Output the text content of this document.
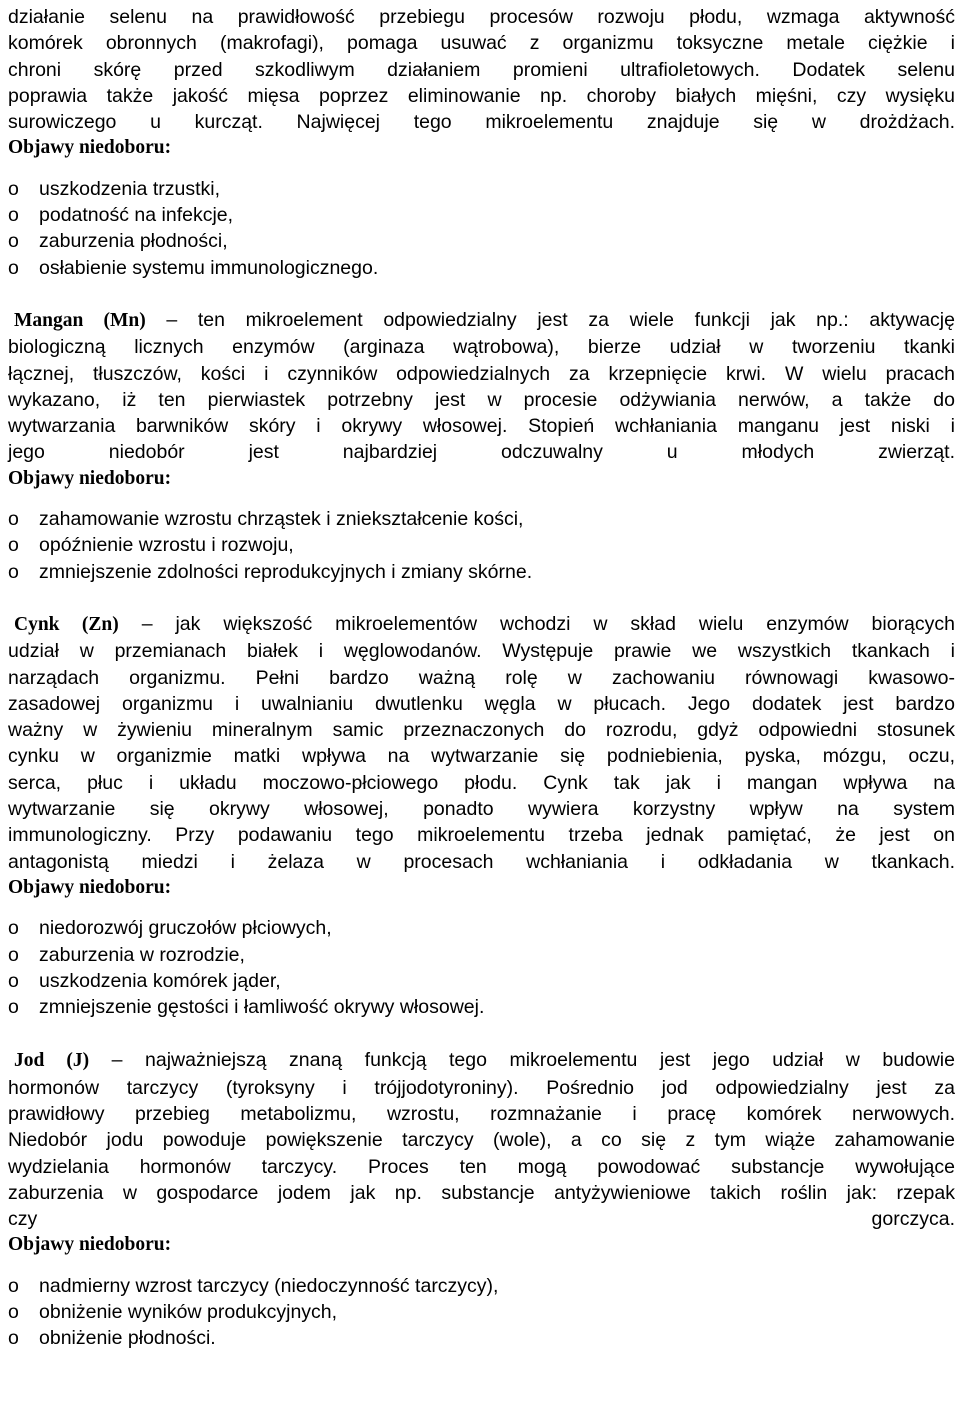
działanie selenu na prawidłowość przebiegu procesów rozwoju płodu, wzmaga aktywność

komórek obronnych (makrofagi), pomaga usuwać z organizmu toksyczne metale ciężkie i

chroni skórę przed szkodliwym działaniem promieni ultrafioletowych. Dodatek selenu

poprawia także jakość mięsa poprzez eliminowanie np. choroby białych mięśni, czy wysięku

surowiczego u kurcząt. Najwięcej tego mikroelementu znajduje się w drożdżach.

Objawy niedoboru:
o uszkodzenia trzustki,
o podatność na infekcje,
o zaburzenia płodności,
o osłabienie systemu immunologicznego.

Mangan (Mn) – ten mikroelement odpowiedzialny jest za wiele funkcji jak np.: aktywację

biologiczną licznych enzymów (arginaza wątrobowa), bierze udział w tworzeniu tkanki

łącznej, tłuszczów, kości i czynników odpowiedzialnych za krzepnięcie krwi. W wielu pracach

wykazano, iż ten pierwiastek potrzebny jest w procesie odżywiania nerwów, a także do

wytwarzania barwników skóry i okrywy włosowej. Stopień wchłaniania manganu jest niski i

jego niedobór jest najbardziej odczuwalny u młodych zwierząt.

Objawy niedoboru:
o zahamowanie wzrostu chrząstek i zniekształcenie kości,
o opóźnienie wzrostu i rozwoju,
o zmniejszenie zdolności reprodukcyjnych i zmiany skórne.

Cynk (Zn) – jak większość mikroelementów wchodzi w skład wielu enzymów biorących

udział w przemianach białek i węglowodanów. Występuje prawie we wszystkich tkankach i

narządach organizmu. Pełni bardzo ważną rolę w zachowaniu równowagi kwasowo-

zasadowej organizmu i uwalnianiu dwutlenku węgla w płucach. Jego dodatek jest bardzo

ważny w żywieniu mineralnym samic przeznaczonych do rozrodu, gdyż odpowiedni stosunek

cynku w organizmie matki wpływa na wytwarzanie się podniebienia, pyska, mózgu, oczu,

serca, płuc i układu moczowo-płciowego płodu. Cynk tak jak i mangan wpływa na

wytwarzanie się okrywy włosowej, ponadto wywiera korzystny wpływ na system

immunologiczny. Przy podawaniu tego mikroelementu trzeba jednak pamiętać, że jest on

antagonistą miedzi i żelaza w procesach wchłaniania i odkładania w tkankach.

Objawy niedoboru:
o niedorozwój gruczołów płciowych,
o zaburzenia w rozrodzie,
o uszkodzenia komórek jąder,
o zmniejszenie gęstości i łamliwość okrywy włosowej.

Jod (J) – najważniejszą znaną funkcją tego mikroelementu jest jego udział w budowie

hormonów tarczycy (tyroksyny i trójjodotyroniny). Pośrednio jod odpowiedzialny jest za

prawidłowy przebieg metabolizmu, wzrostu, rozmnażanie i pracę komórek nerwowych.

Niedobór jodu powoduje powiększenie tarczycy (wole), a co się z tym wiąże zahamowanie

wydzielania hormonów tarczycy. Proces ten mogą powodować substancje wywołujące

zaburzenia w gospodarce jodem jak np. substancje antyżywieniowe takich roślin jak: rzepak

czy gorczyca.

Objawy niedoboru:
o nadmierny wzrost tarczycy (niedoczynność tarczycy),
o obniżenie wyników produkcyjnych,
o obniżenie płodności.
